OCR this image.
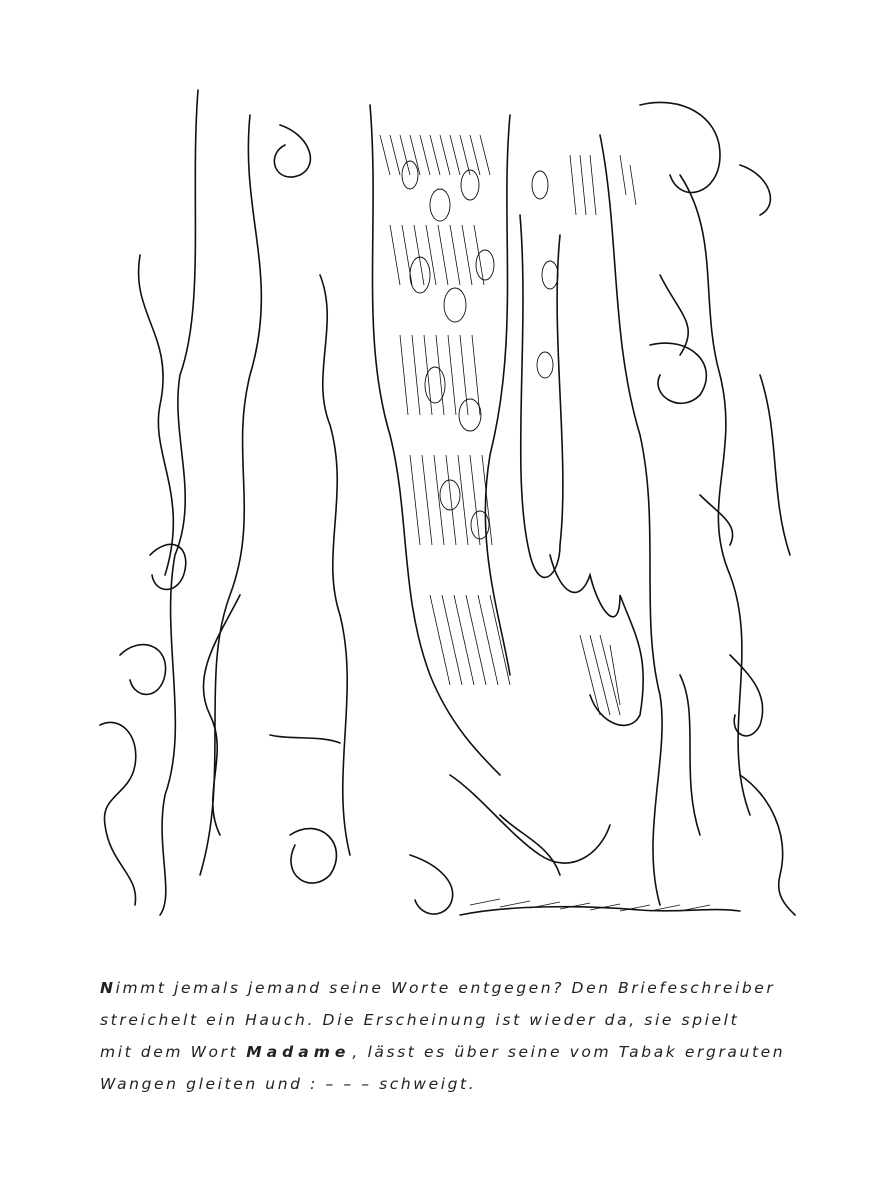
Nimmt jemals jemand seine Worte entgegen? Den Briefeschreiber

streichelt ein Hauch. Die Erscheinung ist wieder da, sie spielt

mit dem Wort Madame , lässt es über seine vom Tabak ergrauten

Wangen gleiten und : – – – schweigt.
